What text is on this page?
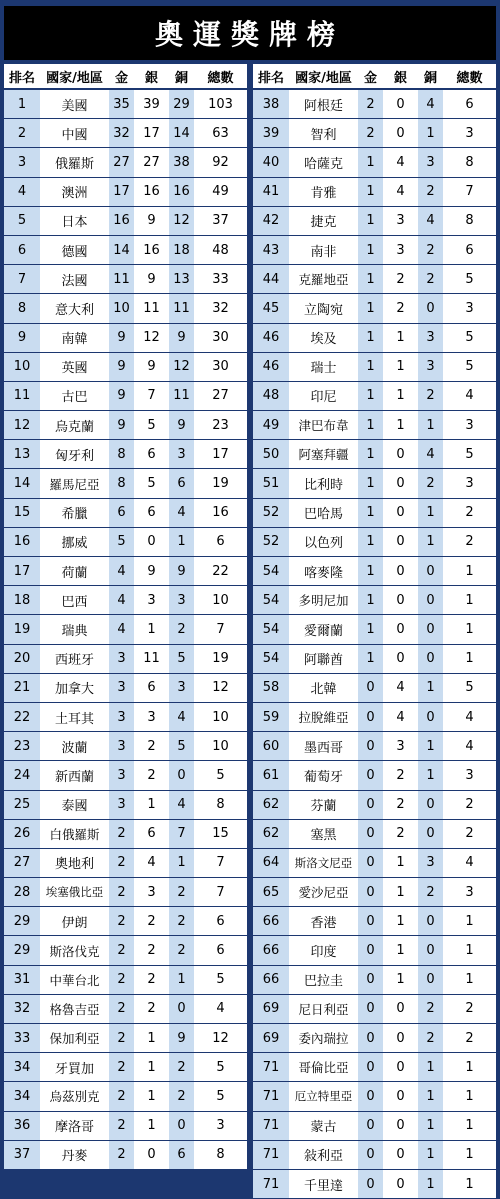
奧運獎牌榜
排名	國家/地區	金	銀	銅	總數
1	美國	35	39	29	103
2	中國	32	17	14	63
3	俄羅斯	27	27	38	92
4	澳洲	17	16	16	49
5	日本	16	9	12	37
6	德國	14	16	18	48
7	法國	11	9	13	33
8	意大利	10	11	11	32
9	南韓	9	12	9	30
10	英國	9	9	12	30
11	古巴	9	7	11	27
12	烏克蘭	9	5	9	23
13	匈牙利	8	6	3	17
14	羅馬尼亞	8	5	6	19
15	希臘	6	6	4	16
16	挪威	5	0	1	6
17	荷蘭	4	9	9	22
18	巴西	4	3	3	10
19	瑞典	4	1	2	7
20	西班牙	3	11	5	19
21	加拿大	3	6	3	12
22	土耳其	3	3	4	10
23	波蘭	3	2	5	10
24	新西蘭	3	2	0	5
25	泰國	3	1	4	8
26	白俄羅斯	2	6	7	15
27	奧地利	2	4	1	7
28	埃塞俄比亞	2	3	2	7
29	伊朗	2	2	2	6
29	斯洛伐克	2	2	2	6
31	中華台北	2	2	1	5
32	格魯吉亞	2	2	0	4
33	保加利亞	2	1	9	12
34	牙買加	2	1	2	5
34	烏茲別克	2	1	2	5
36	摩洛哥	2	1	0	3
37	丹麥	2	0	6	8
排名	國家/地區	金	銀	銅	總數
38	阿根廷	2	0	4	6
39	智利	2	0	1	3
40	哈薩克	1	4	3	8
41	肯雅	1	4	2	7
42	捷克	1	3	4	8
43	南非	1	3	2	6
44	克羅地亞	1	2	2	5
45	立陶宛	1	2	0	3
46	埃及	1	1	3	5
46	瑞士	1	1	3	5
48	印尼	1	1	2	4
49	津巴布韋	1	1	1	3
50	阿塞拜疆	1	0	4	5
51	比利時	1	0	2	3
52	巴哈馬	1	0	1	2
52	以色列	1	0	1	2
54	喀麥隆	1	0	0	1
54	多明尼加	1	0	0	1
54	愛爾蘭	1	0	0	1
54	阿聯酋	1	0	0	1
58	北韓	0	4	1	5
59	拉脫維亞	0	4	0	4
60	墨西哥	0	3	1	4
61	葡萄牙	0	2	1	3
62	芬蘭	0	2	0	2
62	塞黑	0	2	0	2
64	斯洛文尼亞	0	1	3	4
65	愛沙尼亞	0	1	2	3
66	香港	0	1	0	1
66	印度	0	1	0	1
66	巴拉圭	0	1	0	1
69	尼日利亞	0	0	2	2
69	委內瑞拉	0	0	2	2
71	哥倫比亞	0	0	1	1
71	厄立特里亞	0	0	1	1
71	蒙古	0	0	1	1
71	敍利亞	0	0	1	1
71	千里達	0	0	1	1
